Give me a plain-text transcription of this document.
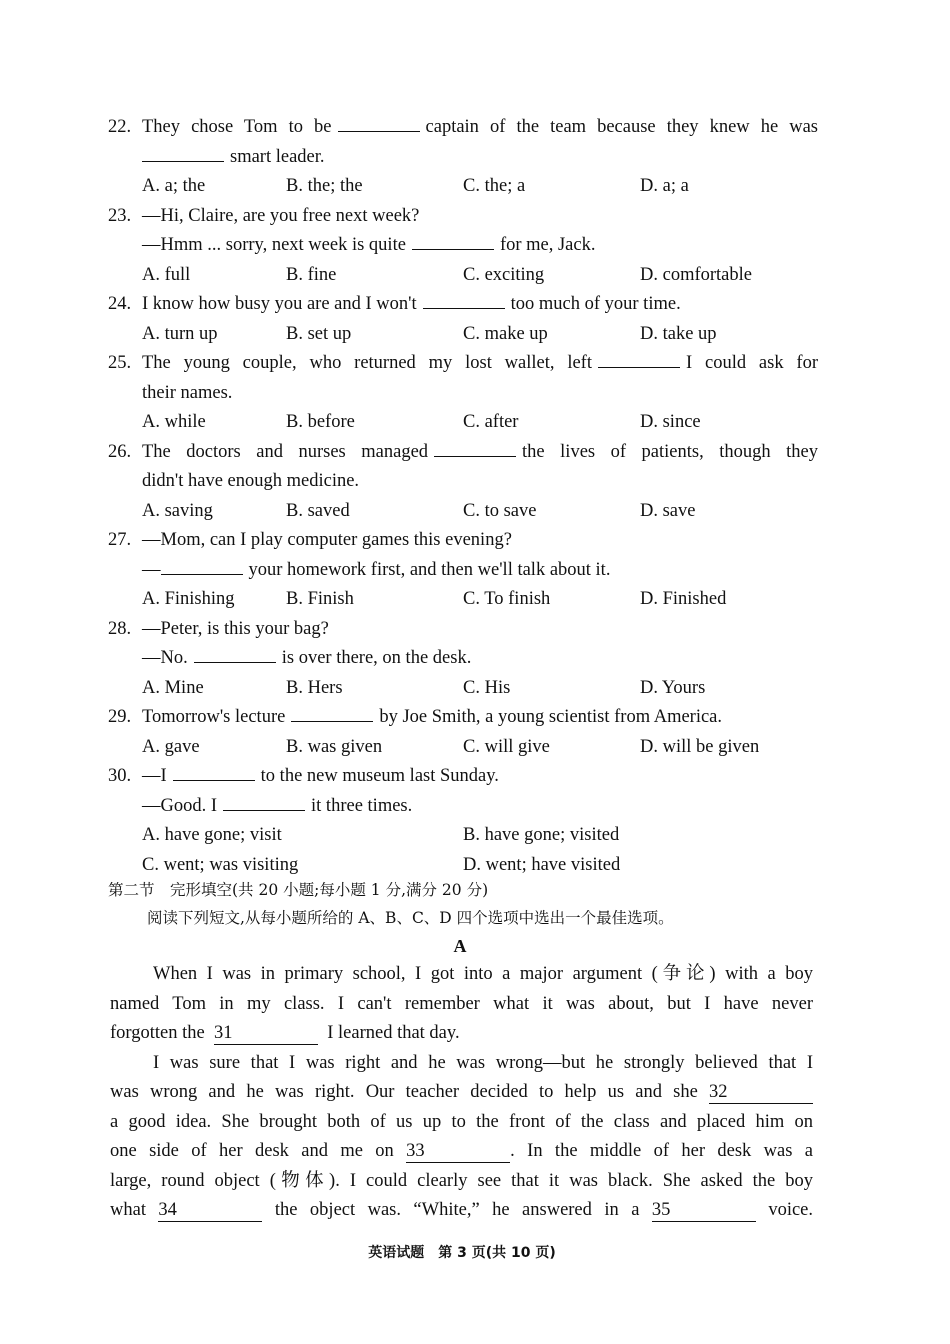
22. They chose Tom to be	captain of the team because they knew he was
smart leader.
A. a; the	B. the; the	C. the; a	D. a; a
23. —Hi, Claire, are you free next week?
—Hmm ... sorry, next week is quite	for me, Jack.
A. full	B. fine	C. exciting	D. comfortable
24. I know how busy you are and I won't	too much of your time.
A. turn up	B. set up	C. make up	D. take up
25. The young couple, who returned my lost wallet, left	I could ask for
their names.
A. while	B. before	C. after	D. since
26. The doctors and nurses managed	the lives of patients, though they
didn't have enough medicine.
A. saving	B. saved	C. to save	D. save
27. —Mom, can I play computer games this evening?
—	your homework first, and then we'll talk about it.
A. Finishing	B. Finish	C. To finish	D. Finished
28. —Peter, is this your bag?
—No.	is over there, on the desk.
A. Mine	B. Hers	C. His	D. Yours
29. Tomorrow's lecture	by Joe Smith, a young scientist from America.
A. gave	B. was given	C. will give	D. will be given
30. —I	to the new museum last Sunday.
—Good. I	it three times.
A. have gone; visit	B. have gone; visited
C. went; was visiting	D. went; have visited
第二节　完形填空(共 20 小题;每小题 1 分,满分 20 分)
阅读下列短文,从每小题所给的 A、B、C、D 四个选项中选出一个最佳选项。
A
When I was in primary school, I got into a major argument (争论) with a boy
named Tom in my class. I can't remember what it was about, but I have never
forgotten the 31	I learned that day.
I was sure that I was right and he was wrong—but he strongly believed that I
was wrong and he was right. Our teacher decided to help us and she 32
a good idea. She brought both of us up to the front of the class and placed him on
one side of her desk and me on 33	. In the middle of her desk was a
large, round object (物体). I could clearly see that it was black. She asked the boy
what 34	the object was. “White,” he answered in a 35	voice.
英语试题　第 3 页(共 10 页)
